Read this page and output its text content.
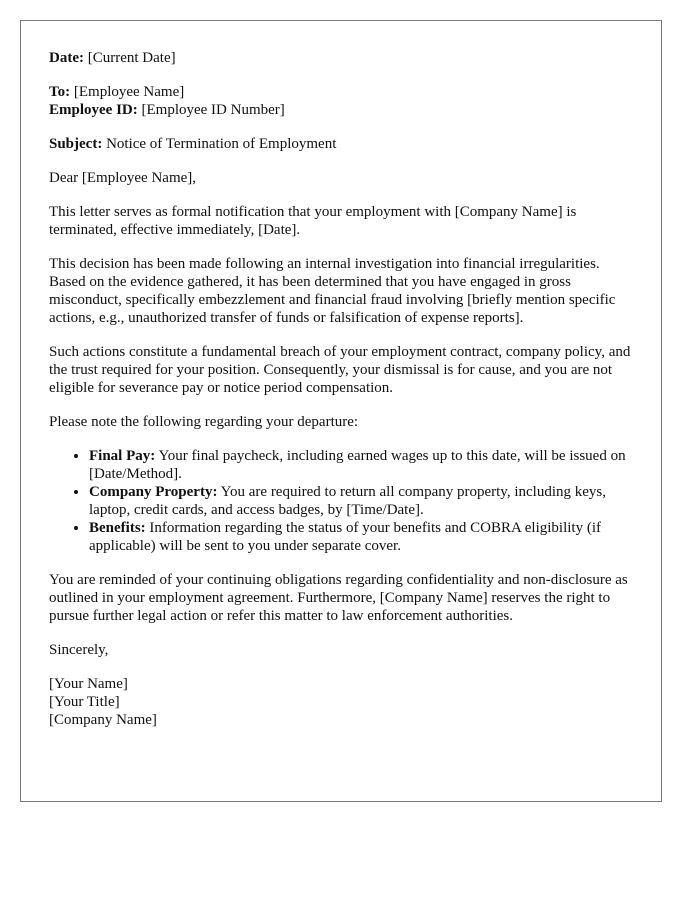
Date: [Current Date]

To: [Employee Name]
Employee ID: [Employee ID Number]

Subject: Notice of Termination of Employment

Dear [Employee Name],

This letter serves as formal notification that your employment with [Company Name] is terminated, effective immediately, [Date].

This decision has been made following an internal investigation into financial irregularities. Based on the evidence gathered, it has been determined that you have engaged in gross misconduct, specifically embezzlement and financial fraud involving [briefly mention specific actions, e.g., unauthorized transfer of funds or falsification of expense reports].

Such actions constitute a fundamental breach of your employment contract, company policy, and the trust required for your position. Consequently, your dismissal is for cause, and you are not eligible for severance pay or notice period compensation.

Please note the following regarding your departure:

• Final Pay: Your final paycheck, including earned wages up to this date, will be issued on [Date/Method].
• Company Property: You are required to return all company property, including keys, laptop, credit cards, and access badges, by [Time/Date].
• Benefits: Information regarding the status of your benefits and COBRA eligibility (if applicable) will be sent to you under separate cover.

You are reminded of your continuing obligations regarding confidentiality and non-disclosure as outlined in your employment agreement. Furthermore, [Company Name] reserves the right to pursue further legal action or refer this matter to law enforcement authorities.

Sincerely,

[Your Name]
[Your Title]
[Company Name]
